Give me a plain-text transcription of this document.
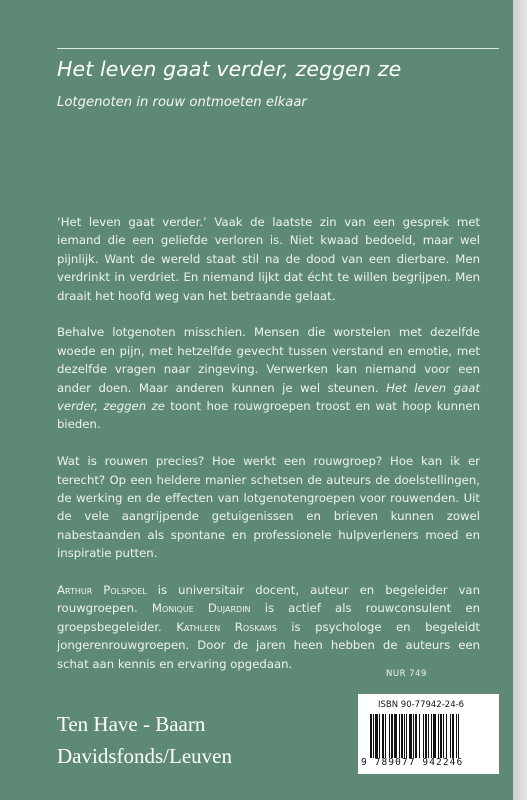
Het leven gaat verder, zeggen ze
Lotgenoten in rouw ontmoeten elkaar

‘Het leven gaat verder.’ Vaak de laatste zin van een gesprek met iemand die een geliefde verloren is. Niet kwaad bedoeld, maar wel pijnlijk. Want de wereld staat stil na de dood van een dierbare. Men verdrinkt in verdriet. En niemand lijkt dat écht te willen begrijpen. Men draait het hoofd weg van het betraande gelaat.

Behalve lotgenoten misschien. Mensen die worstelen met dezelfde woede en pijn, met hetzelfde gevecht tussen verstand en emotie, met dezelfde vragen naar zingeving. Verwerken kan niemand voor een ander doen. Maar anderen kunnen je wel steunen. Het leven gaat verder, zeggen ze toont hoe rouwgroepen troost en wat hoop kunnen bieden.

Wat is rouwen precies? Hoe werkt een rouwgroep? Hoe kan ik er terecht? Op een heldere manier schetsen de auteurs de doelstellingen, de werking en de effecten van lotgenotengroepen voor rouwenden. Uit de vele aangrijpende getuigenissen en brieven kunnen zowel nabestaanden als spontane en professionele hulpverleners moed en inspiratie putten.

Arthur Polspoel is universitair docent, auteur en begeleider van rouwgroepen. Monique Dujardin is actief als rouwconsulent en groepsbegeleider. Kathleen Roskams is psychologe en begeleidt jongerenrouwgroepen. Door de jaren heen hebben de auteurs een schat aan kennis en ervaring opgedaan.

NUR 749
Ten Have - Baarn
Davidsfonds/Leuven
ISBN 90-77942-24-6
9 789077 942246
